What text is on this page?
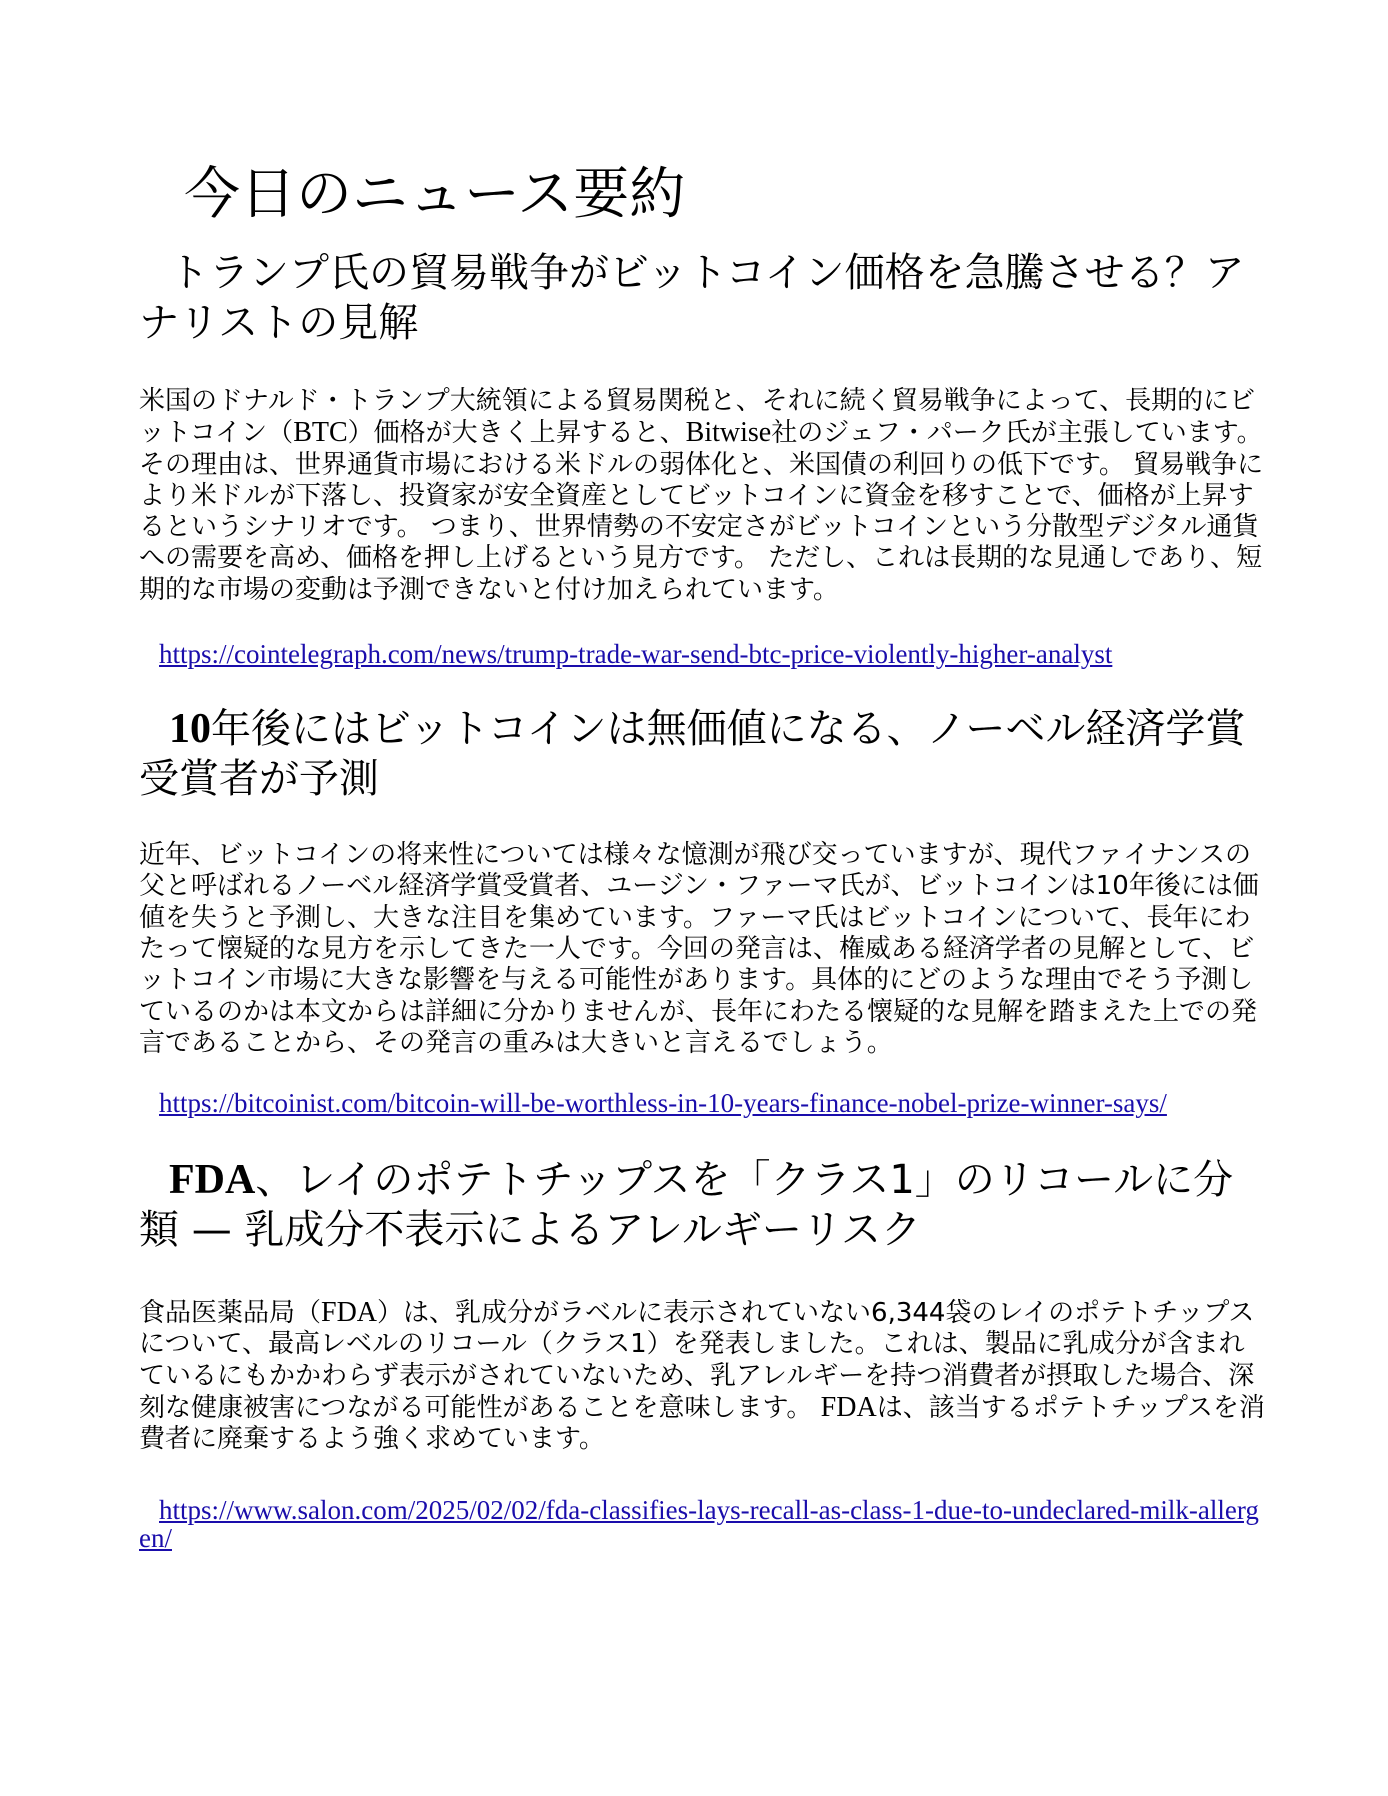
今日のニュース要約
トランプ氏の貿易戦争がビットコイン価格を急騰させる？アナリストの見解

米国のドナルド・トランプ大統領による貿易関税と、それに続く貿易戦争によって、長期的にビットコイン（BTC）価格が大きく上昇すると、Bitwise社のジェフ・パーク氏が主張しています。 その理由は、世界通貨市場における米ドルの弱体化と、米国債の利回りの低下です。 貿易戦争により米ドルが下落し、投資家が安全資産としてビットコインに資金を移すことで、価格が上昇するというシナリオです。 つまり、世界情勢の不安定さがビットコインという分散型デジタル通貨への需要を高め、価格を押し上げるという見方です。 ただし、これは長期的な見通しであり、短期的な市場の変動は予測できないと付け加えられています。

https://cointelegraph.com/news/trump-trade-war-send-btc-price-violently-higher-analyst
10年後にはビットコインは無価値になる、ノーベル経済学賞受賞者が予測

近年、ビットコインの将来性については様々な憶測が飛び交っていますが、現代ファイナンスの父と呼ばれるノーベル経済学賞受賞者、ユージン・ファーマ氏が、ビットコインは10年後には価値を失うと予測し、大きな注目を集めています。ファーマ氏はビットコインについて、長年にわたって懐疑的な見方を示してきた一人です。今回の発言は、権威ある経済学者の見解として、ビットコイン市場に大きな影響を与える可能性があります。具体的にどのような理由でそう予測しているのかは本文からは詳細に分かりませんが、長年にわたる懐疑的な見解を踏まえた上での発言であることから、その発言の重みは大きいと言えるでしょう。

https://bitcoinist.com/bitcoin-will-be-worthless-in-10-years-finance-nobel-prize-winner-says/
FDA、レイのポテトチップスを「クラス1」のリコールに分類 — 乳成分不表示によるアレルギーリスク

食品医薬品局（FDA）は、乳成分がラベルに表示されていない6,344袋のレイのポテトチップスについて、最高レベルのリコール（クラス1）を発表しました。これは、製品に乳成分が含まれているにもかかわらず表示がされていないため、乳アレルギーを持つ消費者が摂取した場合、深刻な健康被害につながる可能性があることを意味します。 FDAは、該当するポテトチップスを消費者に廃棄するよう強く求めています。

https://www.salon.com/2025/02/02/fda-classifies-lays-recall-as-class-1-due-to-undeclared-milk-allergen/
